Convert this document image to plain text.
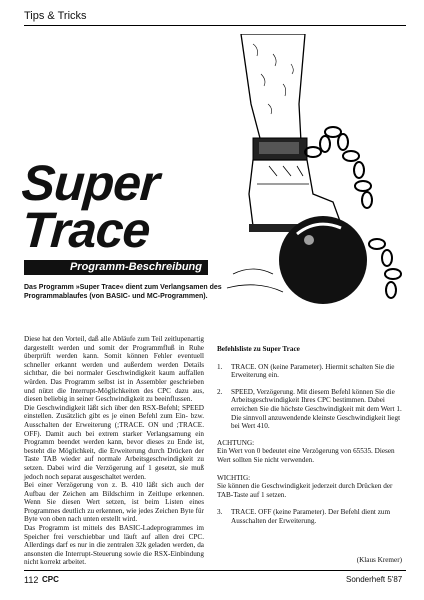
Tips & Tricks
Super
Trace
Programm-Beschreibung
Das Programm »Super Trace« dient zum Verlangsamen des Programmablaufes (von BASIC- und MC-Programmen).

Diese hat den Vorteil, daß alle Abläufe zum Teil zeitlupenartig dargestellt werden und somit der Programmfluß in Ruhe überprüft werden kann. Somit können Fehler eventuell schneller erkannt werden und außerdem werden Details sichtbar, die bei normaler Geschwindigkeit kaum auffallen würden. Das Programm selbst ist in Assembler geschrieben und nützt die Interrupt-Möglichkeiten des CPC dazu aus, diesen beliebig in seiner Geschwindigkeit zu beeinflussen.

Die Geschwindigkeit läßt sich über den RSX-Befehl; SPEED einstellen. Zusätzlich gibt es je einen Befehl zum Ein- bzw. Ausschalten der Erweiterung (;TRACE. ON und ;TRACE. OFF). Damit auch bei extrem starker Verlangsamung ein Programm beendet werden kann, bevor dieses zu Ende ist, besteht die Möglichkeit, die Erweiterung durch Drücken der Taste TAB wieder auf normale Arbeitsgeschwindigkeit zu setzen. Dabei wird die Verzögerung auf 1 gesetzt, sie muß jedoch noch separat ausgeschaltet werden.

Bei einer Verzögerung von z. B. 410 läßt sich auch der Aufbau der Zeichen am Bildschirm in Zeitlupe erkennen. Wenn Sie diesen Wert setzen, ist beim Listen eines Programmes deutlich zu erkennen, wie jedes Zeichen Byte für Byte von oben nach unten erstellt wird.

Das Programm ist mittels des BASIC-Ladeprogrammes im Speicher frei verschiebbar und läuft auf allen drei CPC. Allerdings darf es nur in die zentralen 32k geladen werden, da ansonsten die Interrupt-Steuerung sowie die RSX-Einbindung nicht korrekt arbeitet.

Befehlsliste zu Super Trace
1.	TRACE. ON (keine Parameter). Hiermit schalten Sie die Erweiterung ein.
2.	SPEED, Verzögerung. Mit diesem Befehl können Sie die Arbeitsgeschwindigkeit Ihres CPC bestimmen. Dabei erreichen Sie die höchste Geschwindigkeit mit dem Wert 1. Die sinnvoll anzuwendende kleinste Geschwindigkeit liegt bei Wert 410.
ACHTUNG:
Ein Wert von 0 bedeutet eine Verzögerung von 65535. Diesen Wert sollten Sie nicht verwenden.
WICHTIG:
Sie können die Geschwindigkeit jederzeit durch Drücken der TAB-Taste auf 1 setzen.
3.	TRACE. OFF (keine Parameter). Der Befehl dient zum Ausschalten der Erweiterung.
(Klaus Kremer)
112 CPC	Sonderheft 5'87
